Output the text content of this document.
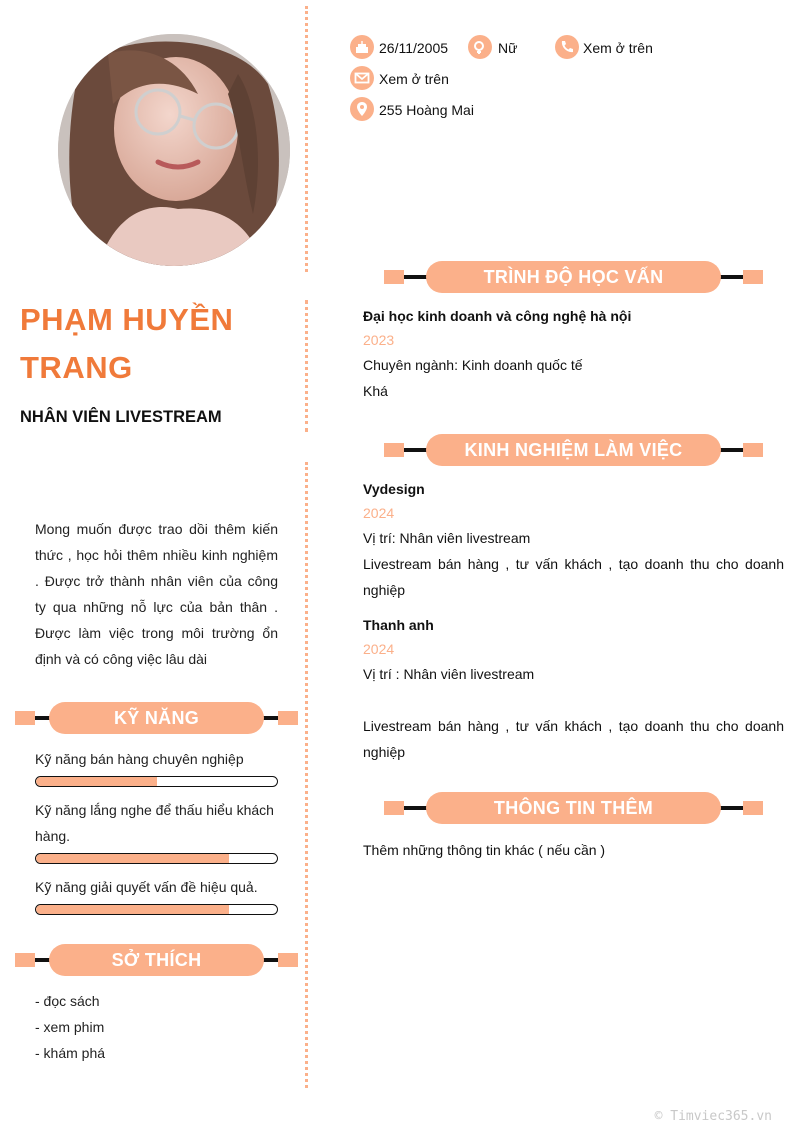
PHẠM HUYỀN TRANG
NHÂN VIÊN LIVESTREAM
Mong muốn được trao dồi thêm kiến thức , học hỏi thêm nhiều kinh nghiệm . Được trở thành nhân viên của công ty qua những nỗ lực của bản thân . Được làm việc trong môi trường ổn định và có công việc lâu dài
26/11/2005	Nữ	Xem ở trên
Xem ở trên
255 Hoàng Mai
KỸ NĂNG
Kỹ năng bán hàng chuyên nghiệp
Kỹ năng lắng nghe để thấu hiểu khách hàng.
Kỹ năng giải quyết vấn đề hiệu quả.
SỞ THÍCH
- đọc sách
- xem phim
- khám phá
TRÌNH ĐỘ HỌC VẤN
Đại học kinh doanh và công nghệ hà nội
2023
Chuyên ngành: Kinh doanh quốc tế
Khá
KINH NGHIỆM LÀM VIỆC
Vydesign
2024
Vị trí: Nhân viên livestream
Livestream bán hàng , tư vấn khách , tạo doanh thu cho doanh nghiệp
Thanh anh
2024
Vị trí : Nhân viên livestream
Livestream bán hàng , tư vấn khách , tạo doanh thu cho doanh nghiệp
THÔNG TIN THÊM
Thêm những thông tin khác ( nếu cần )
© Timviec365.vn
